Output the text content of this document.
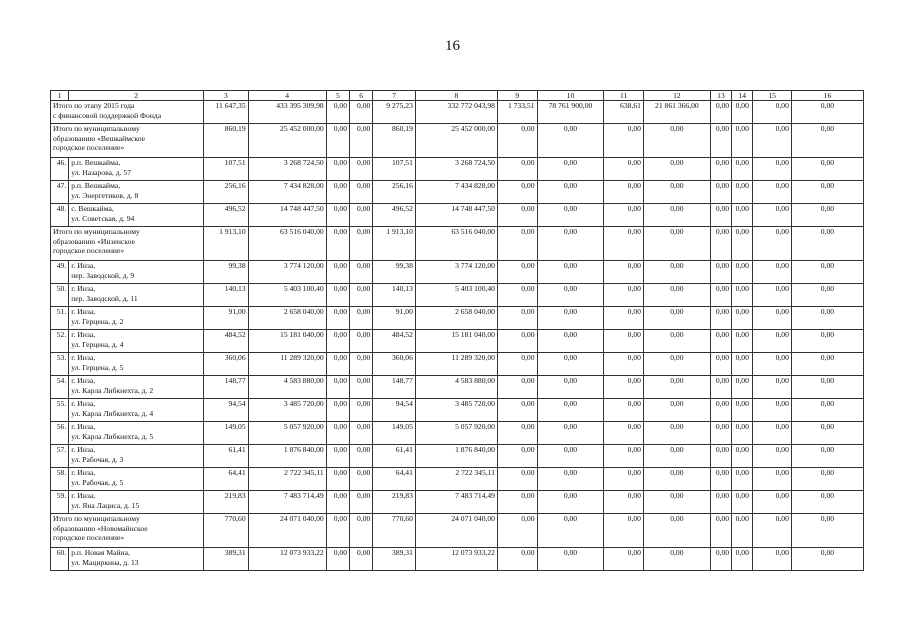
16
1	2	3	4	5	6	7	8	9	10	11	12	13	14	15	16
Итого по этапу 2015 года
с финансовой поддержкой Фонда		11 647,35	433 395 309,98	0,00	0,00	9 275,23	332 772 043,98	1 733,51	78 761 900,00	638,61	21 861 366,00	0,00	0,00	0,00	0,00
Итого по муниципальному
образованию «Вешкаймское
городское поселение»		860,19	25 452 000,00	0,00	0,00	860,19	25 452 000,00	0,00	0,00	0,00	0,00	0,00	0,00	0,00	0,00
46.	р.п. Вешкайма,
ул. Назарова, д. 57	107,51	3 268 724,50	0,00	0,00	107,51	3 268 724,50	0,00	0,00	0,00	0,00	0,00	0,00	0,00	0,00
47.	р.п. Вешкайма,
ул. Энергетиков, д. 8	256,16	7 434 828,00	0,00	0,00	256,16	7 434 828,00	0,00	0,00	0,00	0,00	0,00	0,00	0,00	0,00
48.	с. Вешкайма,
ул. Советская, д. 94	496,52	14 748 447,50	0,00	0,00	496,52	14 748 447,50	0,00	0,00	0,00	0,00	0,00	0,00	0,00	0,00
Итого по муниципальному
образованию «Инзенское
городское поселение»		1 913,10	63 516 040,00	0,00	0,00	1 913,10	63 516 040,00	0,00	0,00	0,00	0,00	0,00	0,00	0,00	0,00
49.	г. Инза,
пер. Заводской, д. 9	99,38	3 774 120,00	0,00	0,00	99,38	3 774 120,00	0,00	0,00	0,00	0,00	0,00	0,00	0,00	0,00
50.	г. Инза,
пер. Заводской, д. 11	140,13	5 403 100,40	0,00	0,00	140,13	5 403 100,40	0,00	0,00	0,00	0,00	0,00	0,00	0,00	0,00
51.	г. Инза,
ул. Герцена, д. 2	91,00	2 658 040,00	0,00	0,00	91,00	2 658 040,00	0,00	0,00	0,00	0,00	0,00	0,00	0,00	0,00
52.	г. Инза,
ул. Герцена, д. 4	484,52	15 181 040,00	0,00	0,00	484,52	15 181 040,00	0,00	0,00	0,00	0,00	0,00	0,00	0,00	0,00
53.	г. Инза,
ул. Герцена, д. 5	360,06	11 289 320,00	0,00	0,00	360,06	11 289 320,00	0,00	0,00	0,00	0,00	0,00	0,00	0,00	0,00
54.	г. Инза,
ул. Карла Либкнехта, д. 2	148,77	4 583 880,00	0,00	0,00	148,77	4 583 880,00	0,00	0,00	0,00	0,00	0,00	0,00	0,00	0,00
55.	г. Инза,
ул. Карла Либкнехта, д. 4	94,54	3 485 720,00	0,00	0,00	94,54	3 485 720,00	0,00	0,00	0,00	0,00	0,00	0,00	0,00	0,00
56.	г. Инза,
ул. Карла Либкнехта, д. 5	149,05	5 057 920,00	0,00	0,00	149,05	5 057 920,00	0,00	0,00	0,00	0,00	0,00	0,00	0,00	0,00
57.	г. Инза,
ул. Рабочая, д. 3	61,41	1 876 840,00	0,00	0,00	61,41	1 876 840,00	0,00	0,00	0,00	0,00	0,00	0,00	0,00	0,00
58.	г. Инза,
ул. Рабочая, д. 5	64,41	2 722 345,11	0,00	0,00	64,41	2 722 345,11	0,00	0,00	0,00	0,00	0,00	0,00	0,00	0,00
59.	г. Инза,
ул. Яна Лациса, д. 15	219,83	7 483 714,49	0,00	0,00	219,83	7 483 714,49	0,00	0,00	0,00	0,00	0,00	0,00	0,00	0,00
Итого по муниципальному
образованию «Новомайнское
городское поселение»		770,60	24 071 040,00	0,00	0,00	770,60	24 071 040,00	0,00	0,00	0,00	0,00	0,00	0,00	0,00	0,00
60.	р.п. Новая Майна,
ул. Мациркина, д. 13	389,31	12 073 933,22	0,00	0,00	389,31	12 073 933,22	0,00	0,00	0,00	0,00	0,00	0,00	0,00	0,00
